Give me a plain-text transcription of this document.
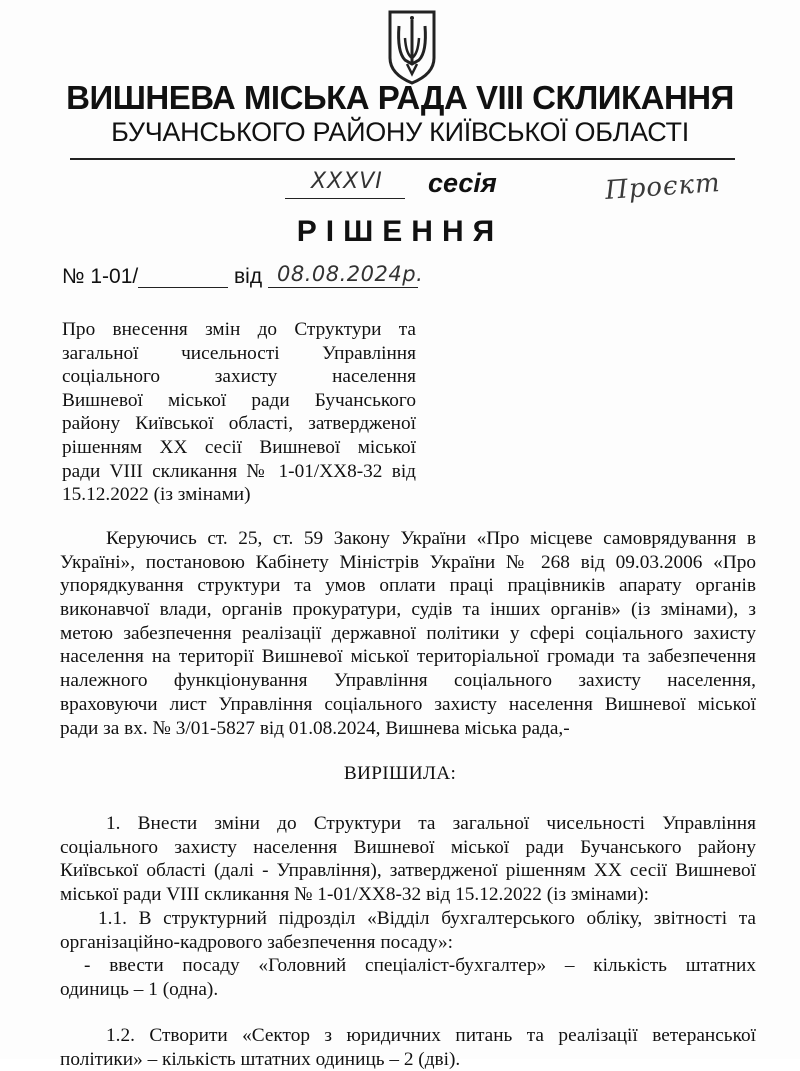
ВИШНЕВА МІСЬКА РАДА VIII СКЛИКАННЯ
БУЧАНСЬКОГО РАЙОНУ КИЇВСЬКОЇ ОБЛАСТІ
XXXVI сесія	Проєкт
РІШЕННЯ
№ 1-01/	від 08.08.2024р.
Про внесення змін до Структури та
загальної чисельності Управління
соціального захисту населення
Вишневої міської ради Бучанського
району Київської області, затвердженої
рішенням XX сесії Вишневої міської
ради VIII скликання № 1-01/XX8-32 від
15.12.2022 (із змінами)
Керуючись ст. 25, ст. 59 Закону України «Про місцеве самоврядування в
Україні», постановою Кабінету Міністрів України № 268 від 09.03.2006 «Про
упорядкування структури та умов оплати праці працівників апарату органів
виконавчої влади, органів прокуратури, судів та інших органів» (із змінами), з
метою забезпечення реалізації державної політики у сфері соціального захисту
населення на території Вишневої міської територіальної громади та забезпечення
належного функціонування Управління соціального захисту населення,
враховуючи лист Управління соціального захисту населення Вишневої міської
ради за вх. № 3/01-5827 від 01.08.2024, Вишнева міська рада,-
ВИРІШИЛА:
1. Внести зміни до Структури та загальної чисельності Управління
соціального захисту населення Вишневої міської ради Бучанського району
Київської області (далі - Управління), затвердженої рішенням XX сесії Вишневої
міської ради VIII скликання № 1-01/XX8-32 від 15.12.2022 (із змінами):
1.1. В структурний підрозділ «Відділ бухгалтерського обліку, звітності та
організаційно-кадрового забезпечення посаду»:
- ввести посаду «Головний спеціаліст-бухгалтер» – кількість штатних
одиниць – 1 (одна).
1.2. Створити «Сектор з юридичних питань та реалізації ветеранської
політики» – кількість штатних одиниць – 2 (дві).
